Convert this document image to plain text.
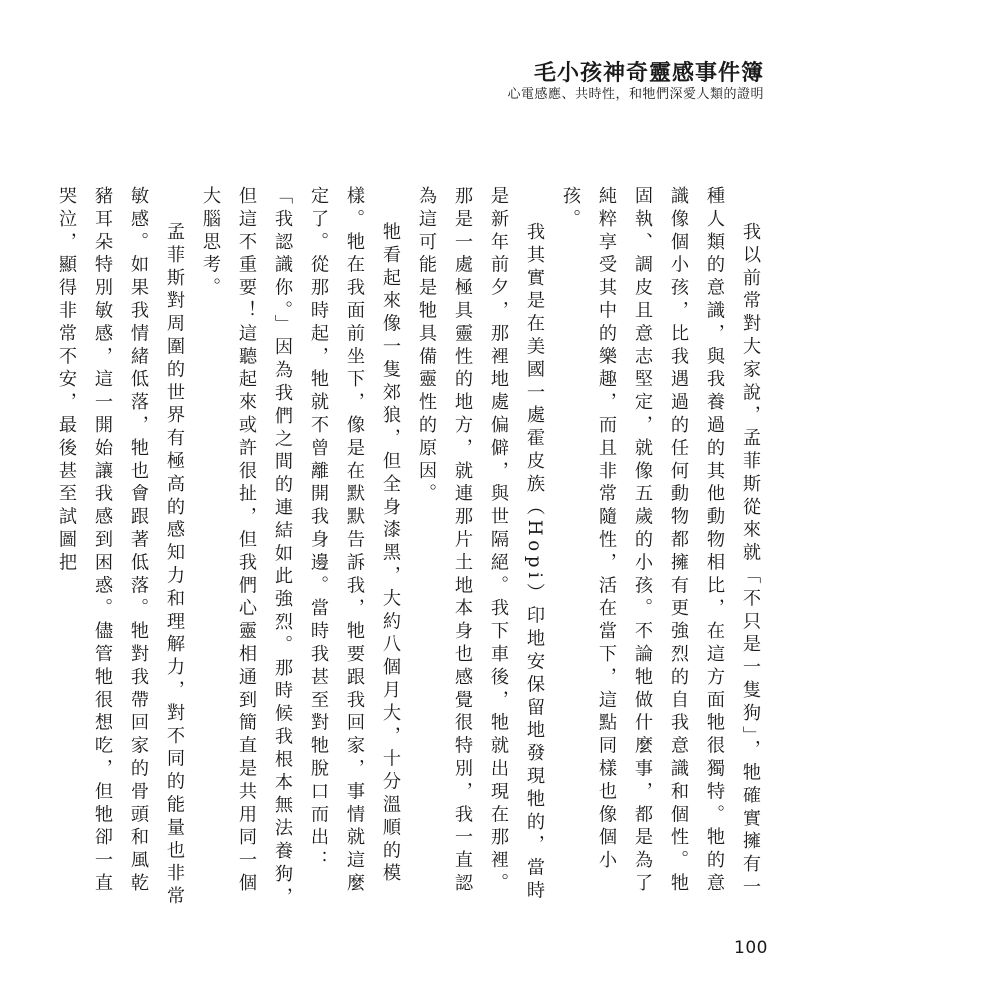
毛小孩神奇靈感事件簿
心電感應、共時性，和牠們深愛人類的證明

我以前常對大家說，孟菲斯從來就「不只是一隻狗」，牠確實擁有一種人類的意識，與我養過的其他動物相比，在這方面牠很獨特。牠的意識像個小孩，比我遇過的任何動物都擁有更強烈的自我意識和個性。牠固執、調皮且意志堅定，就像五歲的小孩。不論牠做什麼事，都是為了純粹享受其中的樂趣，而且非常隨性，活在當下，這點同樣也像個小孩。

我其實是在美國一處霍皮族（Hopi）印地安保留地發現牠的，當時是新年前夕，那裡地處偏僻，與世隔絕。我下車後，牠就出現在那裡。那是一處極具靈性的地方，就連那片土地本身也感覺很特別，我一直認為這可能是牠具備靈性的原因。

牠看起來像一隻郊狼，但全身漆黑，大約八個月大，十分溫順的模樣。牠在我面前坐下，像是在默默告訴我，牠要跟我回家，事情就這麼定了。從那時起，牠就不曾離開我身邊。當時我甚至對牠脫口而出：「我認識你。」因為我們之間的連結如此強烈。那時候我根本無法養狗，但這不重要！這聽起來或許很扯，但我們心靈相通到簡直是共用同一個大腦思考。

孟菲斯對周圍的世界有極高的感知力和理解力，對不同的能量也非常敏感。如果我情緒低落，牠也會跟著低落。牠對我帶回家的骨頭和風乾豬耳朵特別敏感，這一開始讓我感到困惑。儘管牠很想吃，但牠卻一直哭泣，顯得非常不安，最後甚至試圖把

100
